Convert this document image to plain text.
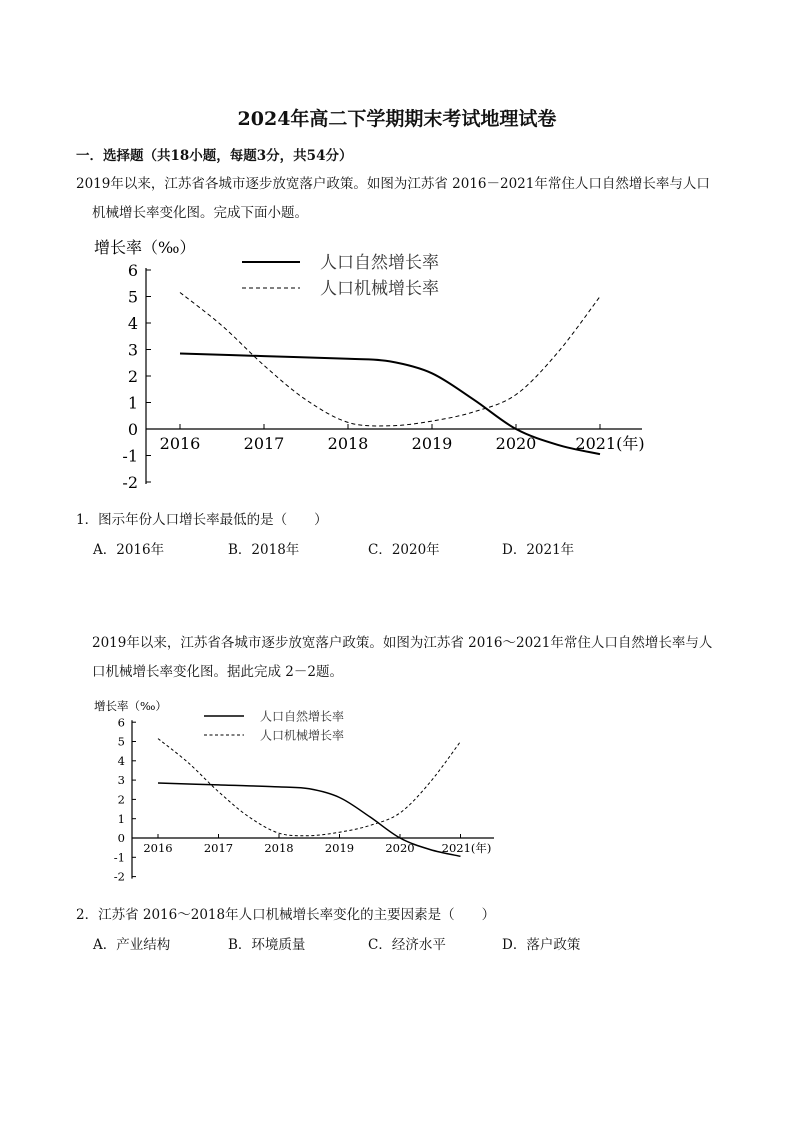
2024年高二下学期期末考试地理试卷
一．选择题（共18小题，每题3分，共54分）
2019年以来，江苏省各城市逐步放宽落户政策。如图为江苏省 2016－2021年常住人口自然增长率与人口
机械增长率变化图。完成下面小题。
6
5
4
3
2
1
0
-1
-2
2016	2017	2018	2019	2020 2021(年)
增长率（‰）
人口自然增长率
人口机械增长率
1．图示年份人口增长率最低的是（　　）
A．2016年	B．2018年	C．2020年	D．2021年
2019年以来，江苏省各城市逐步放宽落户政策。如图为江苏省 2016～2021年常住人口自然增长率与人
口机械增长率变化图。据此完成 2－2题。
6
5
4
3
2
1
0
-1
-2
2016	2017	2018	2019	2020 2021(年)
增长率（‰）
人口自然增长率
人口机械增长率
2．江苏省 2016～2018年人口机械增长率变化的主要因素是（　　）
A．产业结构	B．环境质量	C．经济水平	D．落户政策
